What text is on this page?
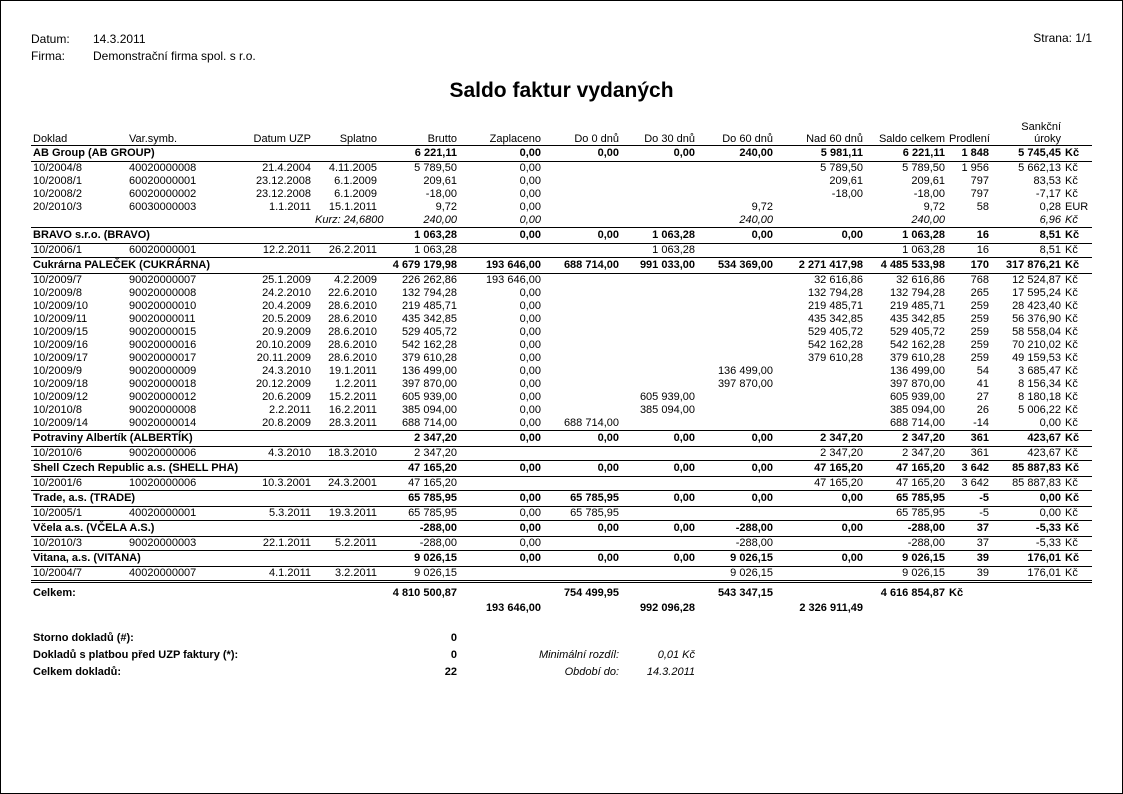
Datum:	14.3.2011
Firma:	Demonstrační firma spol. s r.o.
Strana: 1/1
Saldo faktur vydaných
Doklad	Var.symb.	Datum UZP	Splatno	Brutto	Zaplaceno	Do 0 dnů	Do 30 dnů	Do 60 dnů	Nad 60 dnů	Saldo celkem	Prodlení	Sankční
úroky	
AB Group (AB GROUP)				6 221,11	0,00	0,00	0,00	240,00	5 981,11	6 221,11	1 848	5 745,45	Kč
10/2004/8	40020000008	21.4.2004	4.11.2005	5 789,50	0,00				5 789,50	5 789,50	1 956	5 662,13	Kč
10/2008/1	60020000001	23.12.2008	6.1.2009	209,61	0,00				209,61	209,61	797	83,53	Kč
10/2008/2	60020000002	23.12.2008	6.1.2009	-18,00	0,00				-18,00	-18,00	797	-7,17	Kč
20/2010/3	60030000003	1.1.2011	15.1.2011	9,72	0,00			9,72		9,72	58	0,28	EUR
			Kurz: 24,6800	240,00	0,00			240,00		240,00		6,96	Kč
BRAVO s.r.o. (BRAVO)				1 063,28	0,00	0,00	1 063,28	0,00	0,00	1 063,28	16	8,51	Kč
10/2006/1	60020000001	12.2.2011	26.2.2011	1 063,28			1 063,28			1 063,28	16	8,51	Kč
Cukrárna PALEČEK (CUKRÁRNA)				4 679 179,98	193 646,00	688 714,00	991 033,00	534 369,00	2 271 417,98	4 485 533,98	170	317 876,21	Kč
10/2009/7	90020000007	25.1.2009	4.2.2009	226 262,86	193 646,00				32 616,86	32 616,86	768	12 524,87	Kč
10/2009/8	90020000008	24.2.2010	22.6.2010	132 794,28	0,00				132 794,28	132 794,28	265	17 595,24	Kč
10/2009/10	90020000010	20.4.2009	28.6.2010	219 485,71	0,00				219 485,71	219 485,71	259	28 423,40	Kč
10/2009/11	90020000011	20.5.2009	28.6.2010	435 342,85	0,00				435 342,85	435 342,85	259	56 376,90	Kč
10/2009/15	90020000015	20.9.2009	28.6.2010	529 405,72	0,00				529 405,72	529 405,72	259	58 558,04	Kč
10/2009/16	90020000016	20.10.2009	28.6.2010	542 162,28	0,00				542 162,28	542 162,28	259	70 210,02	Kč
10/2009/17	90020000017	20.11.2009	28.6.2010	379 610,28	0,00				379 610,28	379 610,28	259	49 159,53	Kč
10/2009/9	90020000009	24.3.2010	19.1.2011	136 499,00	0,00			136 499,00		136 499,00	54	3 685,47	Kč
10/2009/18	90020000018	20.12.2009	1.2.2011	397 870,00	0,00			397 870,00		397 870,00	41	8 156,34	Kč
10/2009/12	90020000012	20.6.2009	15.2.2011	605 939,00	0,00		605 939,00			605 939,00	27	8 180,18	Kč
10/2010/8	90020000008	2.2.2011	16.2.2011	385 094,00	0,00		385 094,00			385 094,00	26	5 006,22	Kč
10/2009/14	90020000014	20.8.2009	28.3.2011	688 714,00	0,00	688 714,00				688 714,00	-14	0,00	Kč
Potraviny Albertík (ALBERTÍK)				2 347,20	0,00	0,00	0,00	0,00	2 347,20	2 347,20	361	423,67	Kč
10/2010/6	90020000006	4.3.2010	18.3.2010	2 347,20					2 347,20	2 347,20	361	423,67	Kč
Shell Czech Republic a.s. (SHELL PHA)				47 165,20	0,00	0,00	0,00	0,00	47 165,20	47 165,20	3 642	85 887,83	Kč
10/2001/6	10020000006	10.3.2001	24.3.2001	47 165,20					47 165,20	47 165,20	3 642	85 887,83	Kč
Trade, a.s. (TRADE)				65 785,95	0,00	65 785,95	0,00	0,00	0,00	65 785,95	-5	0,00	Kč
10/2005/1	40020000001	5.3.2011	19.3.2011	65 785,95	0,00	65 785,95				65 785,95	-5	0,00	Kč
Včela a.s. (VČELA A.S.)				-288,00	0,00	0,00	0,00	-288,00	0,00	-288,00	37	-5,33	Kč
10/2010/3	90020000003	22.1.2011	5.2.2011	-288,00	0,00			-288,00		-288,00	37	-5,33	Kč
Vitana, a.s. (VITANA)				9 026,15	0,00	0,00	0,00	9 026,15	0,00	9 026,15	39	176,01	Kč
10/2004/7	40020000007	4.1.2011	3.2.2011	9 026,15				9 026,15		9 026,15	39	176,01	Kč
Celkem:				4 810 500,87		754 499,95		543 347,15		4 616 854,87	Kč		
					193 646,00		992 096,28		2 326 911,49				
Storno dokladů (#):	0			
Dokladů s platbou před UZP faktury (*):	0	Minimální rozdíl:	0,01 Kč	
Celkem dokladů:	22	Období do:	14.3.2011	
